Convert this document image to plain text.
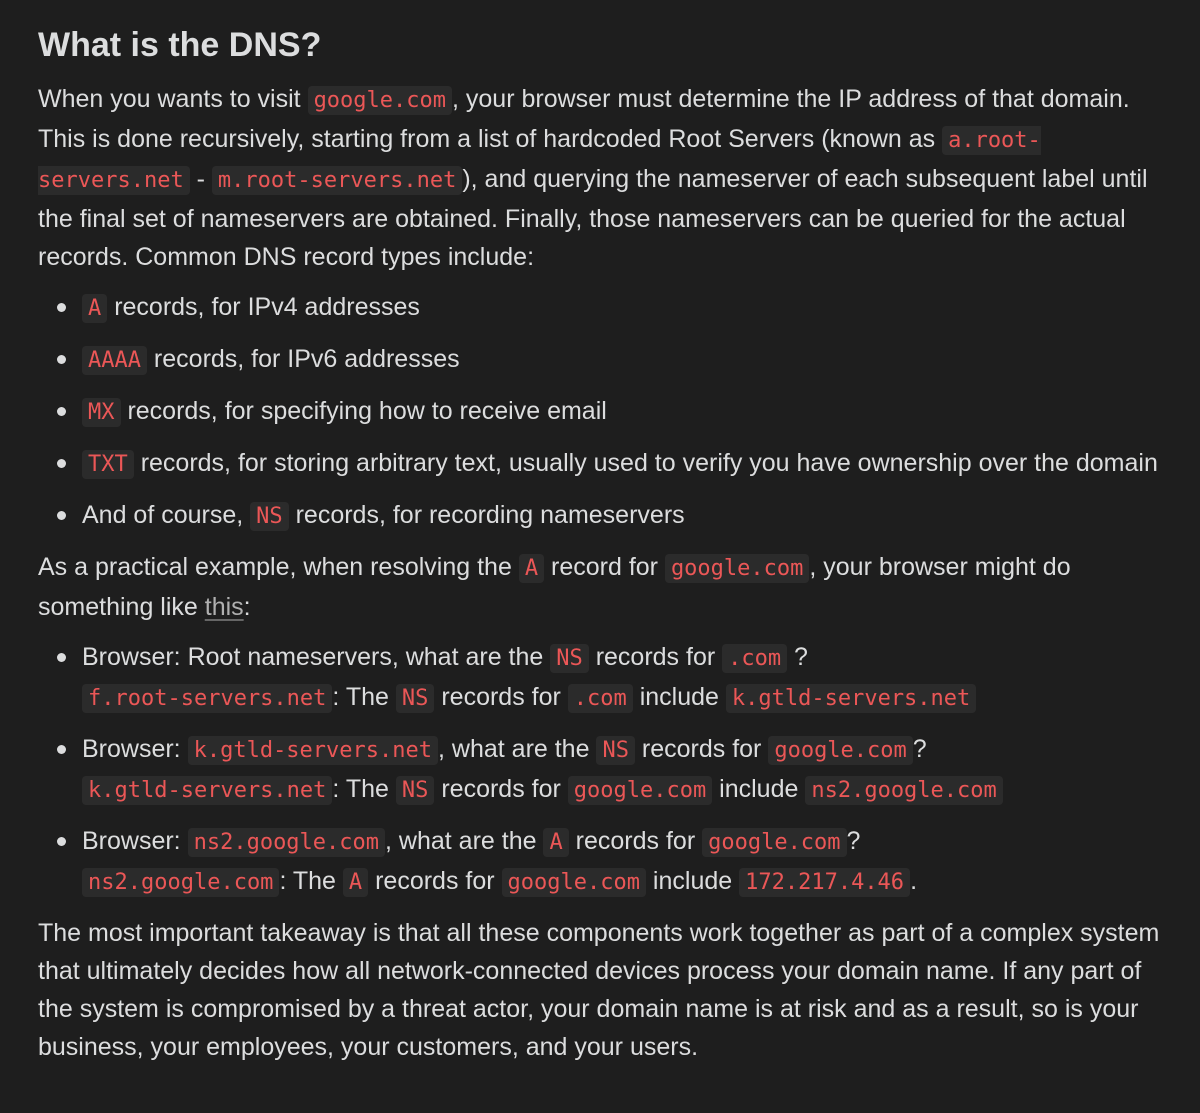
What is the DNS?

When you wants to visit google.com , your browser must determine the IP address of that domain. This is done recursively, starting from a list of hardcoded Root Servers (known as a.root-servers.net - m.root-servers.net ), and querying the nameserver of each subsequent label until the final set of nameservers are obtained. Finally, those nameservers can be queried for the actual records. Common DNS record types include:

A records, for IPv4 addresses
AAAA records, for IPv6 addresses
MX records, for specifying how to receive email
TXT records, for storing arbitrary text, usually used to verify you have ownership over the domain
And of course, NS records, for recording nameservers

As a practical example, when resolving the A record for google.com , your browser might do something like this:

Browser: Root nameservers, what are the NS records for .com ?
f.root-servers.net : The NS records for .com include k.gtld-servers.net
Browser: k.gtld-servers.net , what are the NS records for google.com ?
k.gtld-servers.net : The NS records for google.com include ns2.google.com
Browser: ns2.google.com , what are the A records for google.com ?
ns2.google.com : The A records for google.com include 172.217.4.46 .

The most important takeaway is that all these components work together as part of a complex system that ultimately decides how all network-connected devices process your domain name. If any part of the system is compromised by a threat actor, your domain name is at risk and as a result, so is your business, your employees, your customers, and your users.
